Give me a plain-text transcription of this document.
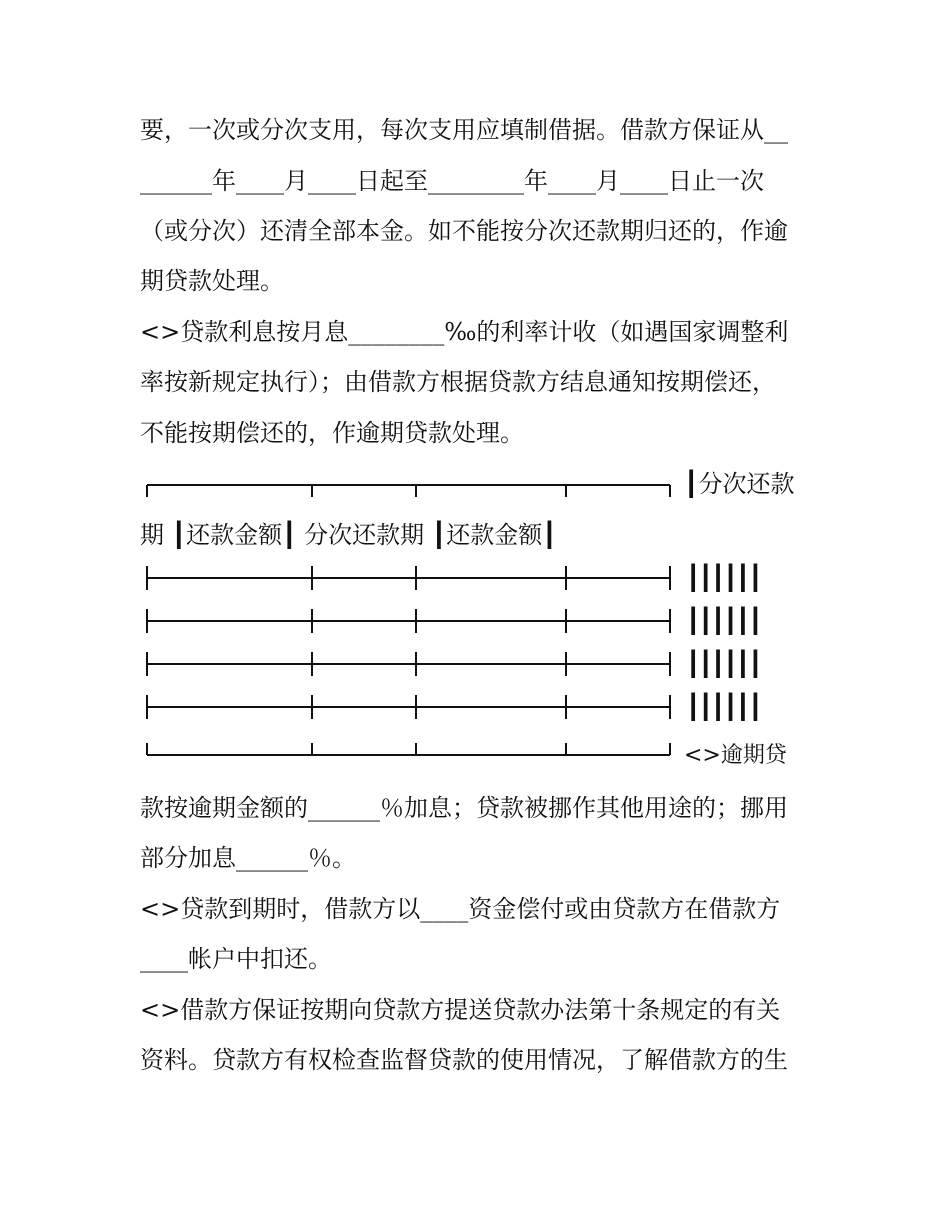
要，一次或分次支用，每次支用应填制借据。借款方保证从__

______年____月____日起至________年____月____日止一次

（或分次）还清全部本金。如不能按分次还款期归还的，作逾

期贷款处理。

<>贷款利息按月息________‰的利率计收（如遇国家调整利

率按新规定执行）；由借款方根据贷款方结息通知按期偿还，

不能按期偿还的，作逾期贷款处理。

┃分次还款

期 ┃还款金额┃ 分次还款期 ┃还款金额┃

┃┃┃┃┃┃

┃┃┃┃┃┃

┃┃┃┃┃┃

┃┃┃┃┃┃

<>逾期贷

款按逾期金额的______％加息；贷款被挪作其他用途的；挪用

部分加息______％。

<>贷款到期时，借款方以____资金偿付或由贷款方在借款方

____帐户中扣还。

<>借款方保证按期向贷款方提送贷款办法第十条规定的有关

资料。贷款方有权检查监督贷款的使用情况，了解借款方的生
